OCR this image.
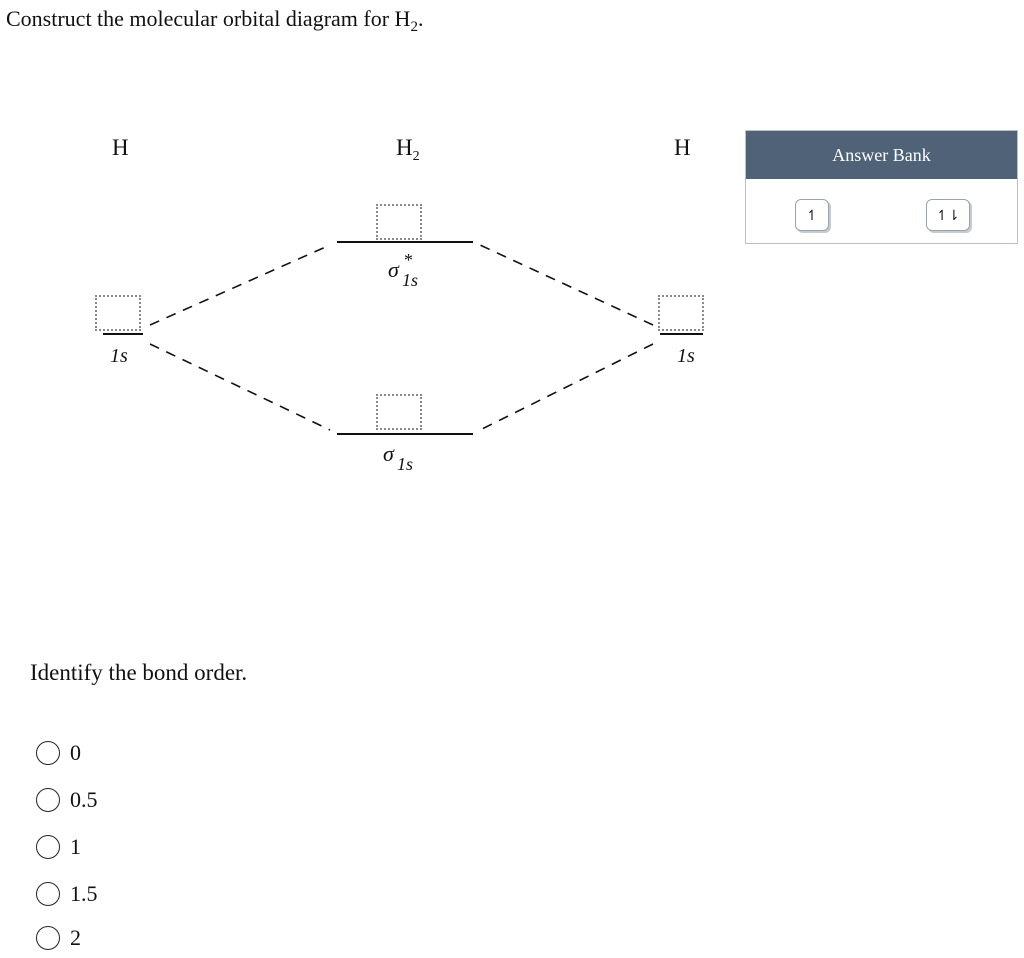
Construct the molecular orbital diagram for $H_2$.
H	$H_2$	H
1s	1s
σ *
1s
σ 1s
Answer Bank
↿	↿⇂
Identify the bond order.
0
0.5
1
1.5
2
